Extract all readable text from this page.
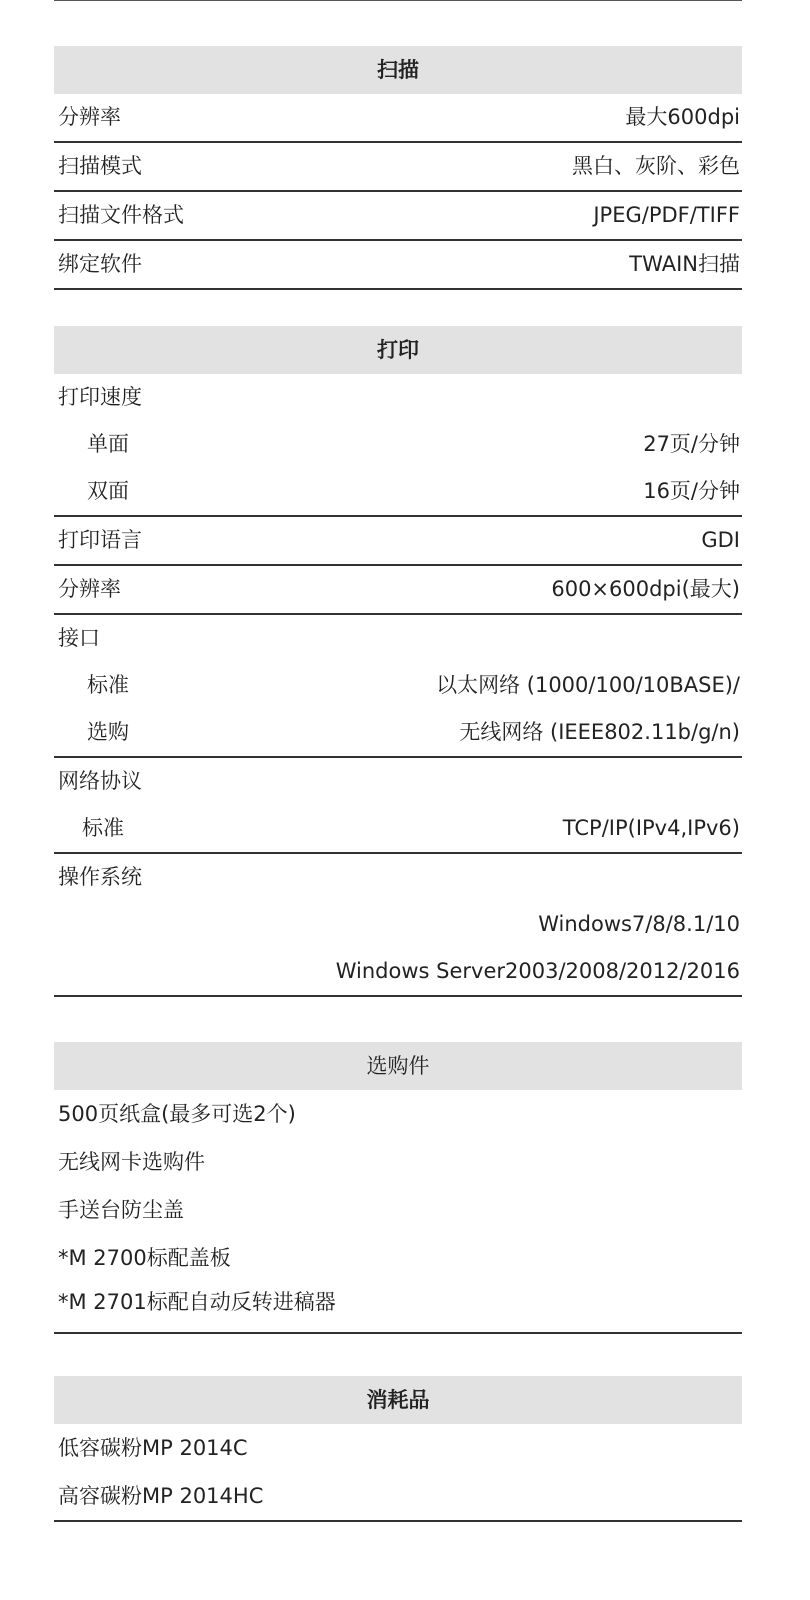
扫描
分辨率	最大600dpi
扫描模式	黑白、灰阶、彩色
扫描文件格式	JPEG/PDF/TIFF
绑定软件	TWAIN扫描
打印
打印速度
单面	27页/分钟
双面	16页/分钟
打印语言	GDI
分辨率	600×600dpi(最大)
接口
标准	以太网络 (1000/100/10BASE)/
选购	无线网络 (IEEE802.11b/g/n)
网络协议
标准	TCP/IP(IPv4,IPv6)
操作系统
Windows7/8/8.1/10
Windows Server2003/2008/2012/2016
选购件
500页纸盒(最多可选2个)
无线网卡选购件
手送台防尘盖
*M 2700标配盖板
*M 2701标配自动反转进稿器
消耗品
低容碳粉MP 2014C
高容碳粉MP 2014HC
